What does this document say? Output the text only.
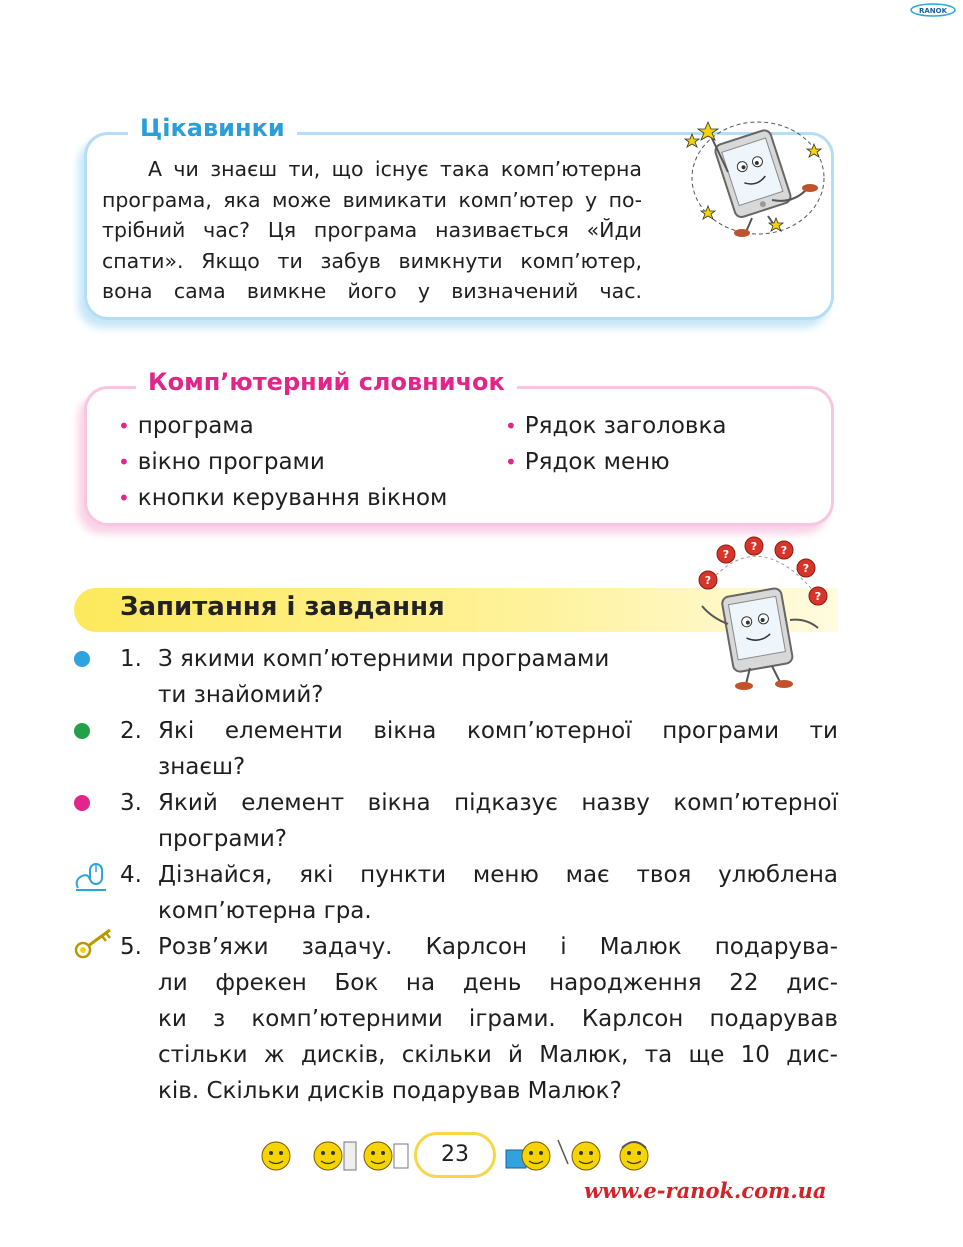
RANOK
Цікавинки
А чи знаєш ти, що існує така комп’ютерна
програма, яка може вимикати комп’ютер у по-
трібний час? Ця програма називається «Йди
спати». Якщо ти забув вимкнути комп’ютер,
вона сама вимкне його у визначений час.
Комп’ютерний словничок
• програма
• вікно програми
• кнопки керування вікном
• Рядок заголовка
• Рядок меню
Запитання і завдання
?
?
? ?
?
?
1. З якими комп’ютерними програмами
ти знайомий?
2. Які елементи вікна комп’ютерної програми ти
знаєш?
3. Який елемент вікна підказує назву комп’ютерної
програми?
4. Дізнайся, які пункти меню має твоя улюблена
комп’ютерна гра.
5. Розв’яжи задачу. Карлсон і Малюк подарува-
ли фрекен Бок на день народження 22 дис-
ки з комп’ютерними іграми. Карлсон подарував
стільки ж дисків, скільки й Малюк, та ще 10 дис-
ків. Скільки дисків подарував Малюк?
23
www.e-ranok.com.ua
